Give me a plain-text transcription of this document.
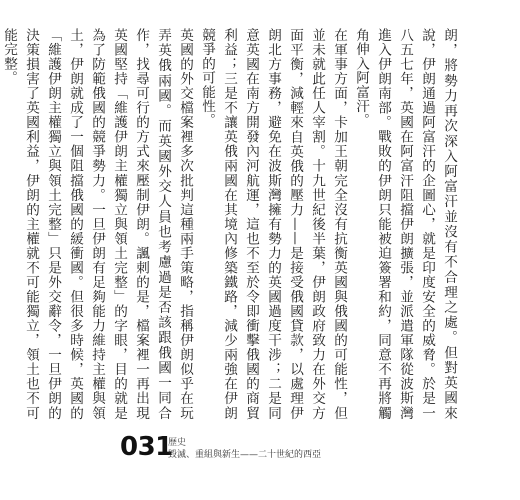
朗，將勢力再次深入阿富汗並沒有不合理之處。但對英國來說，伊朗通過阿富汗的企圖心，就是印度安全的威脅。於是一八五七年，英國在阿富汗阻擋伊朗擴張，並派遣軍隊從波斯灣進入伊朗南部。戰敗的伊朗只能被迫簽署和約，同意不再將觸角伸入阿富汗。

在軍事方面，卡加王朝完全沒有抗衡英國與俄國的可能性，但並未就此任人宰割。十九世紀後半葉，伊朗政府致力在外交方面平衡，減輕來自英俄的壓力——是接受俄國貸款，以處理伊朗北方事務，避免在波斯灣擁有勢力的英國過度干涉；二是同意英國在南方開發內河航運，這也不至於令即衝擊俄國的商貿利益；三是不讓英俄兩國在其境內修築鐵路，減少兩強在伊朗競爭的可能性。

英國的外交檔案裡多次批判這種兩手策略，指稱伊朗似乎在玩弄英俄兩國。而英國外交人員也考慮過是否該跟俄國一同合作，找尋可行的方式來壓制伊朗。諷刺的是，檔案裡一再出現英國堅持「維護伊朗主權獨立與領土完整」的字眼，目的就是為了防範俄國的競爭勢力。一旦伊朗有足夠能力維持主權與領土，伊朗就成了一個阻擋俄國的緩衝國。但很多時候，英國的「維護伊朗主權獨立與領土完整」只是外交辭令，一旦伊朗的決策損害了英國利益，伊朗的主權就不可能獨立，領土也不可能完整。

031
歷史
毀滅、重組與新生——二十世紀的西亞
